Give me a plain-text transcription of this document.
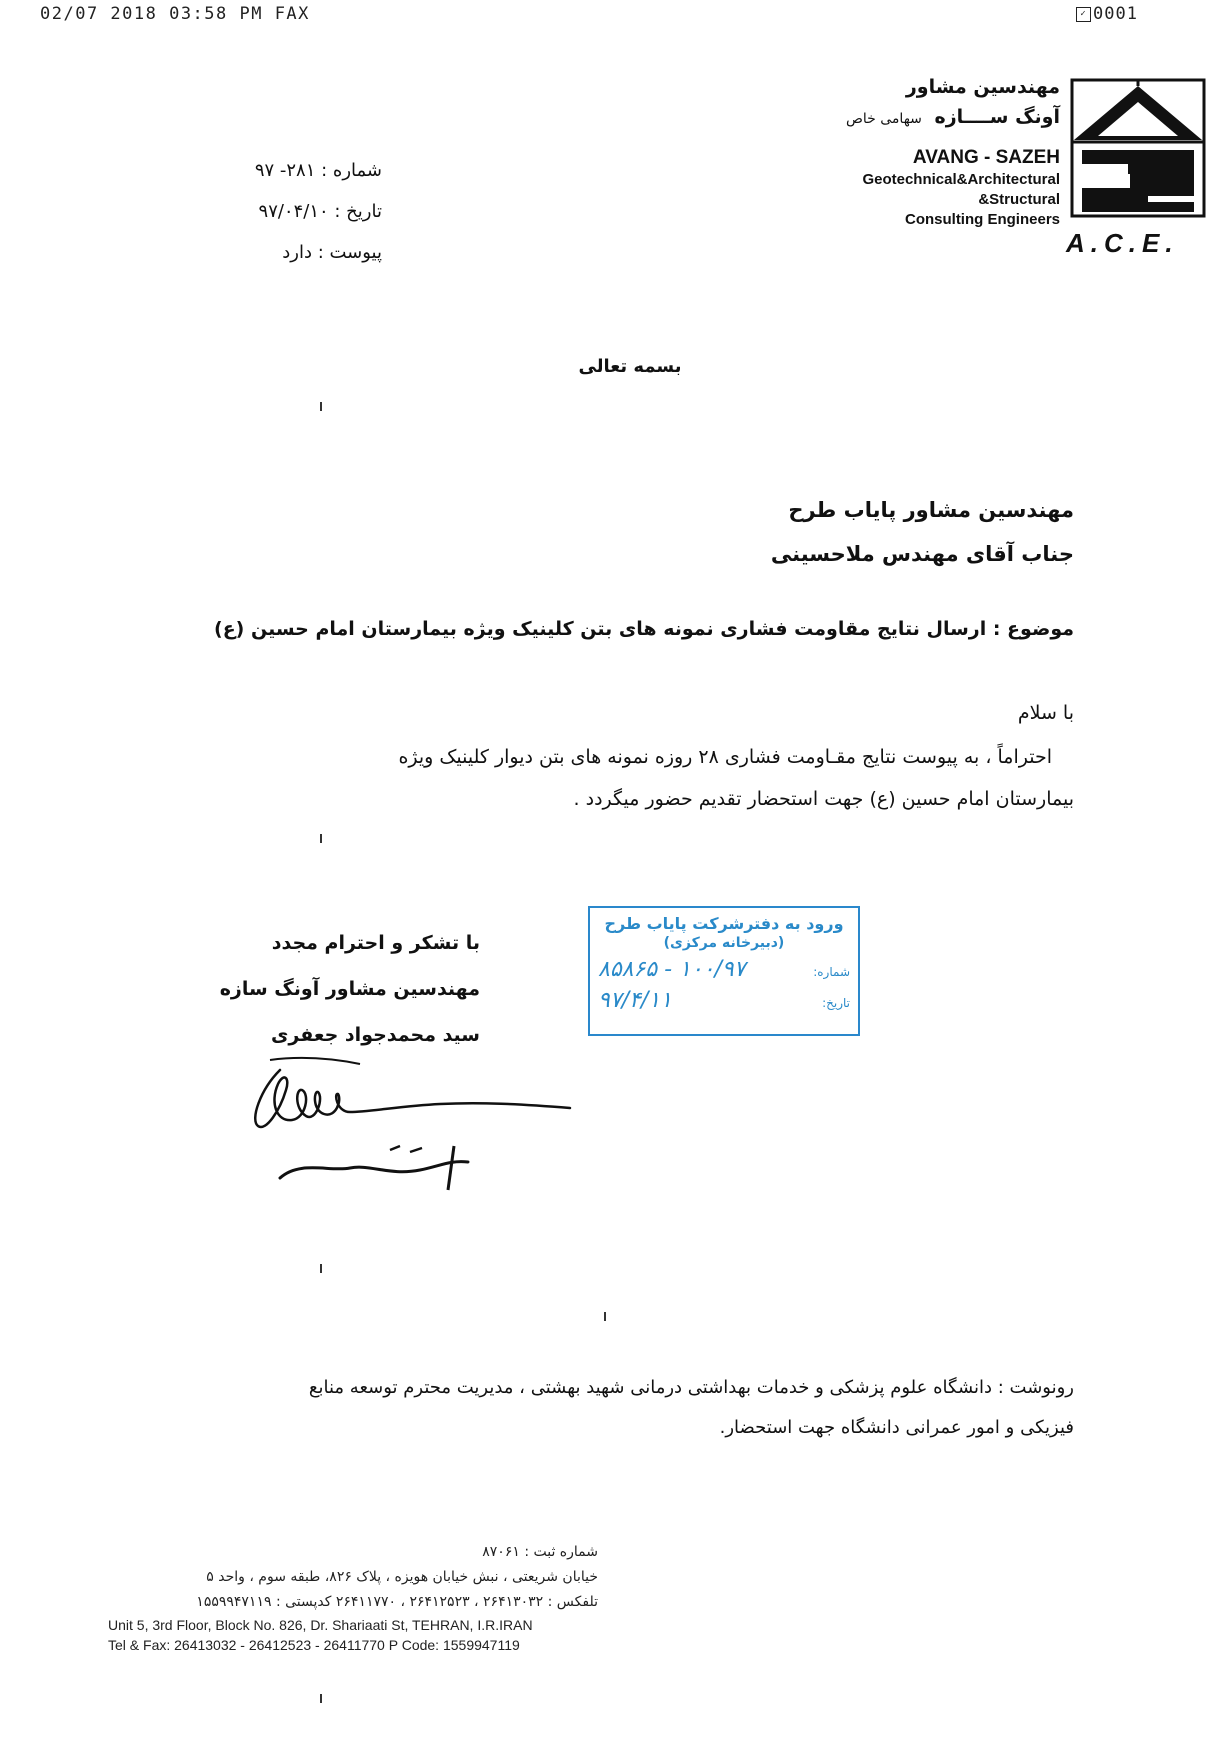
02/07 2018 03:58 PM FAX	✓ 0001
مهندسین مشاور
آونگ ســــازه سهامی خاص
AVANG - SAZEH
Geotechnical&Architectural
&Structural
Consulting Engineers
A.C.E.
شماره : ۲۸۱- ۹۷
تاریخ : ۹۷/۰۴/۱۰
پیوست : دارد
بسمه تعالی
مهندسین مشاور پایاب طرح
جناب آقای مهندس ملاحسینی
موضوع : ارسال نتایج مقاومت فشاری نمونه های بتن کلینیک ویژه بیمارستان امام حسین (ع)
با سلام
احتراماً ، به پیوست نتایج مقـاومت فشاری ۲۸ روزه نمونه های بتن دیوار کلینیک ویژه
بیمارستان امام حسین (ع) جهت استحضار تقدیم حضور میگردد .
ورود به دفترشرکت پایاب طرح
(دبیرخانه مرکزی)
شماره:
۱۰۰/۹۷ - ۸۵۸۶۵
تاریخ:
۹۷/۴/۱۱
با تشکر و احترام مجدد
مهندسین مشاور آونگ سازه
سید محمدجواد جعفری
رونوشت : دانشگاه علوم پزشکی و خدمات بهداشتی درمانی شهید بهشتی ، مدیریت محترم توسعه منابع
فیزیکی و امور عمرانی دانشگاه جهت استحضار.
شماره ثبت : ۸۷۰۶۱
خیابان شریعتی ، نبش خیابان هویزه ، پلاک ۸۲۶، طبقه سوم ، واحد ۵
تلفکس : ۲۶۴۱۳۰۳۲ ، ۲۶۴۱۲۵۲۳ ، ۲۶۴۱۱۷۷۰ کدپستی : ۱۵۵۹۹۴۷۱۱۹
Unit 5, 3rd Floor, Block No. 826, Dr. Shariaati St, TEHRAN, I.R.IRAN
Tel & Fax: 26413032 - 26412523 - 26411770 P Code: 1559947119
